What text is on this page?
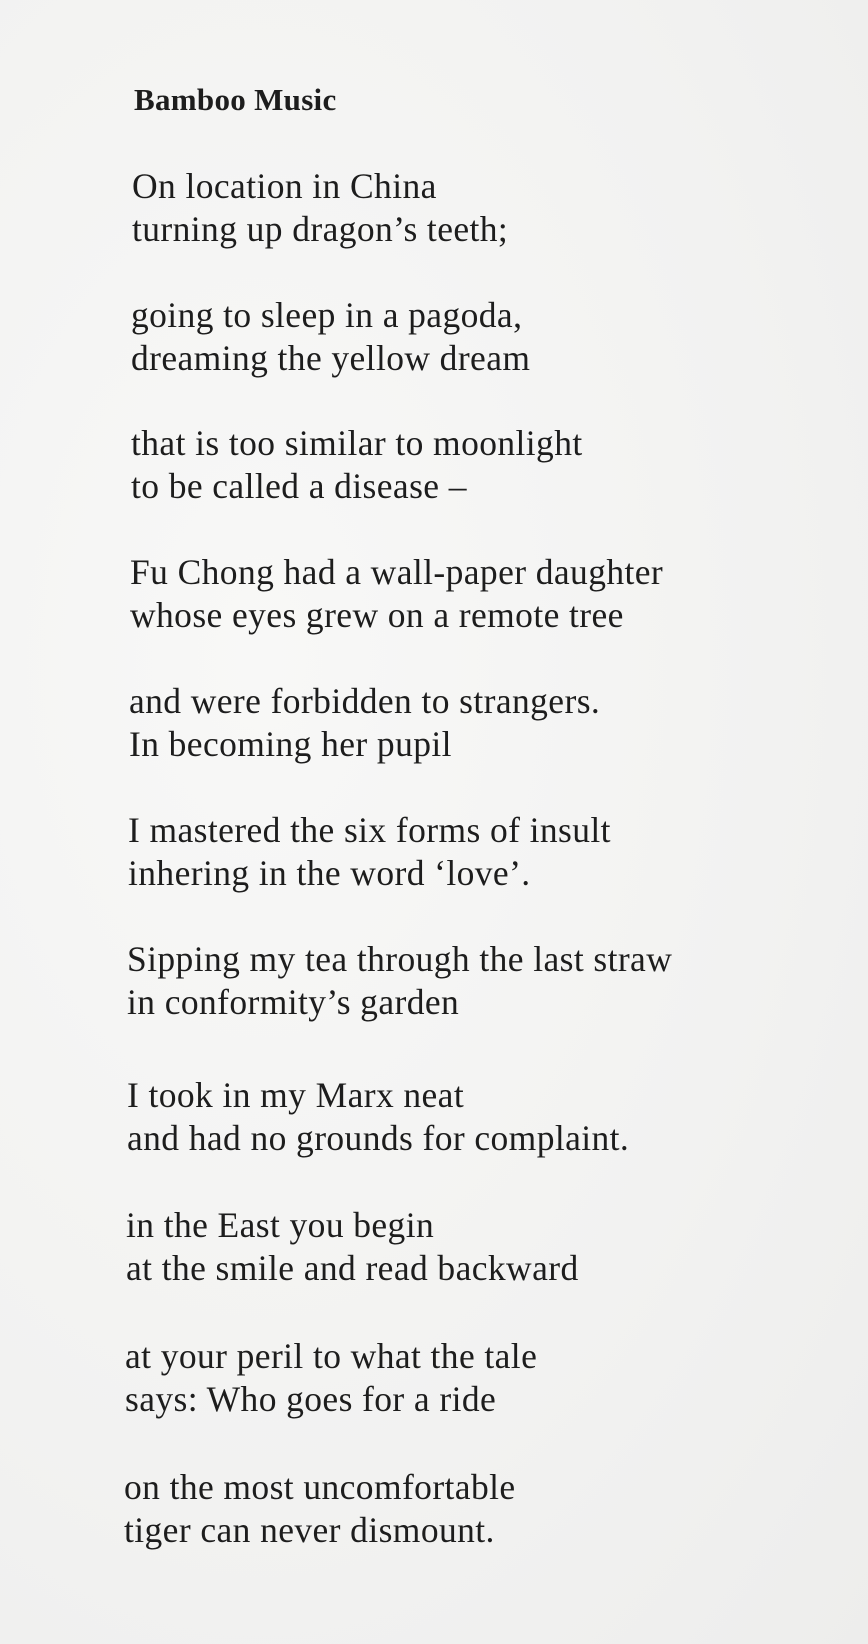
Bamboo Music

On location in China
turning up dragon’s teeth;

going to sleep in a pagoda,
dreaming the yellow dream

that is too similar to moonlight
to be called a disease –

Fu Chong had a wall-paper daughter
whose eyes grew on a remote tree

and were forbidden to strangers.
In becoming her pupil

I mastered the six forms of insult
inhering in the word ‘love’.

Sipping my tea through the last straw
in conformity’s garden

I took in my Marx neat
and had no grounds for complaint.

in the East you begin
at the smile and read backward

at your peril to what the tale
says: Who goes for a ride

on the most uncomfortable
tiger can never dismount.
